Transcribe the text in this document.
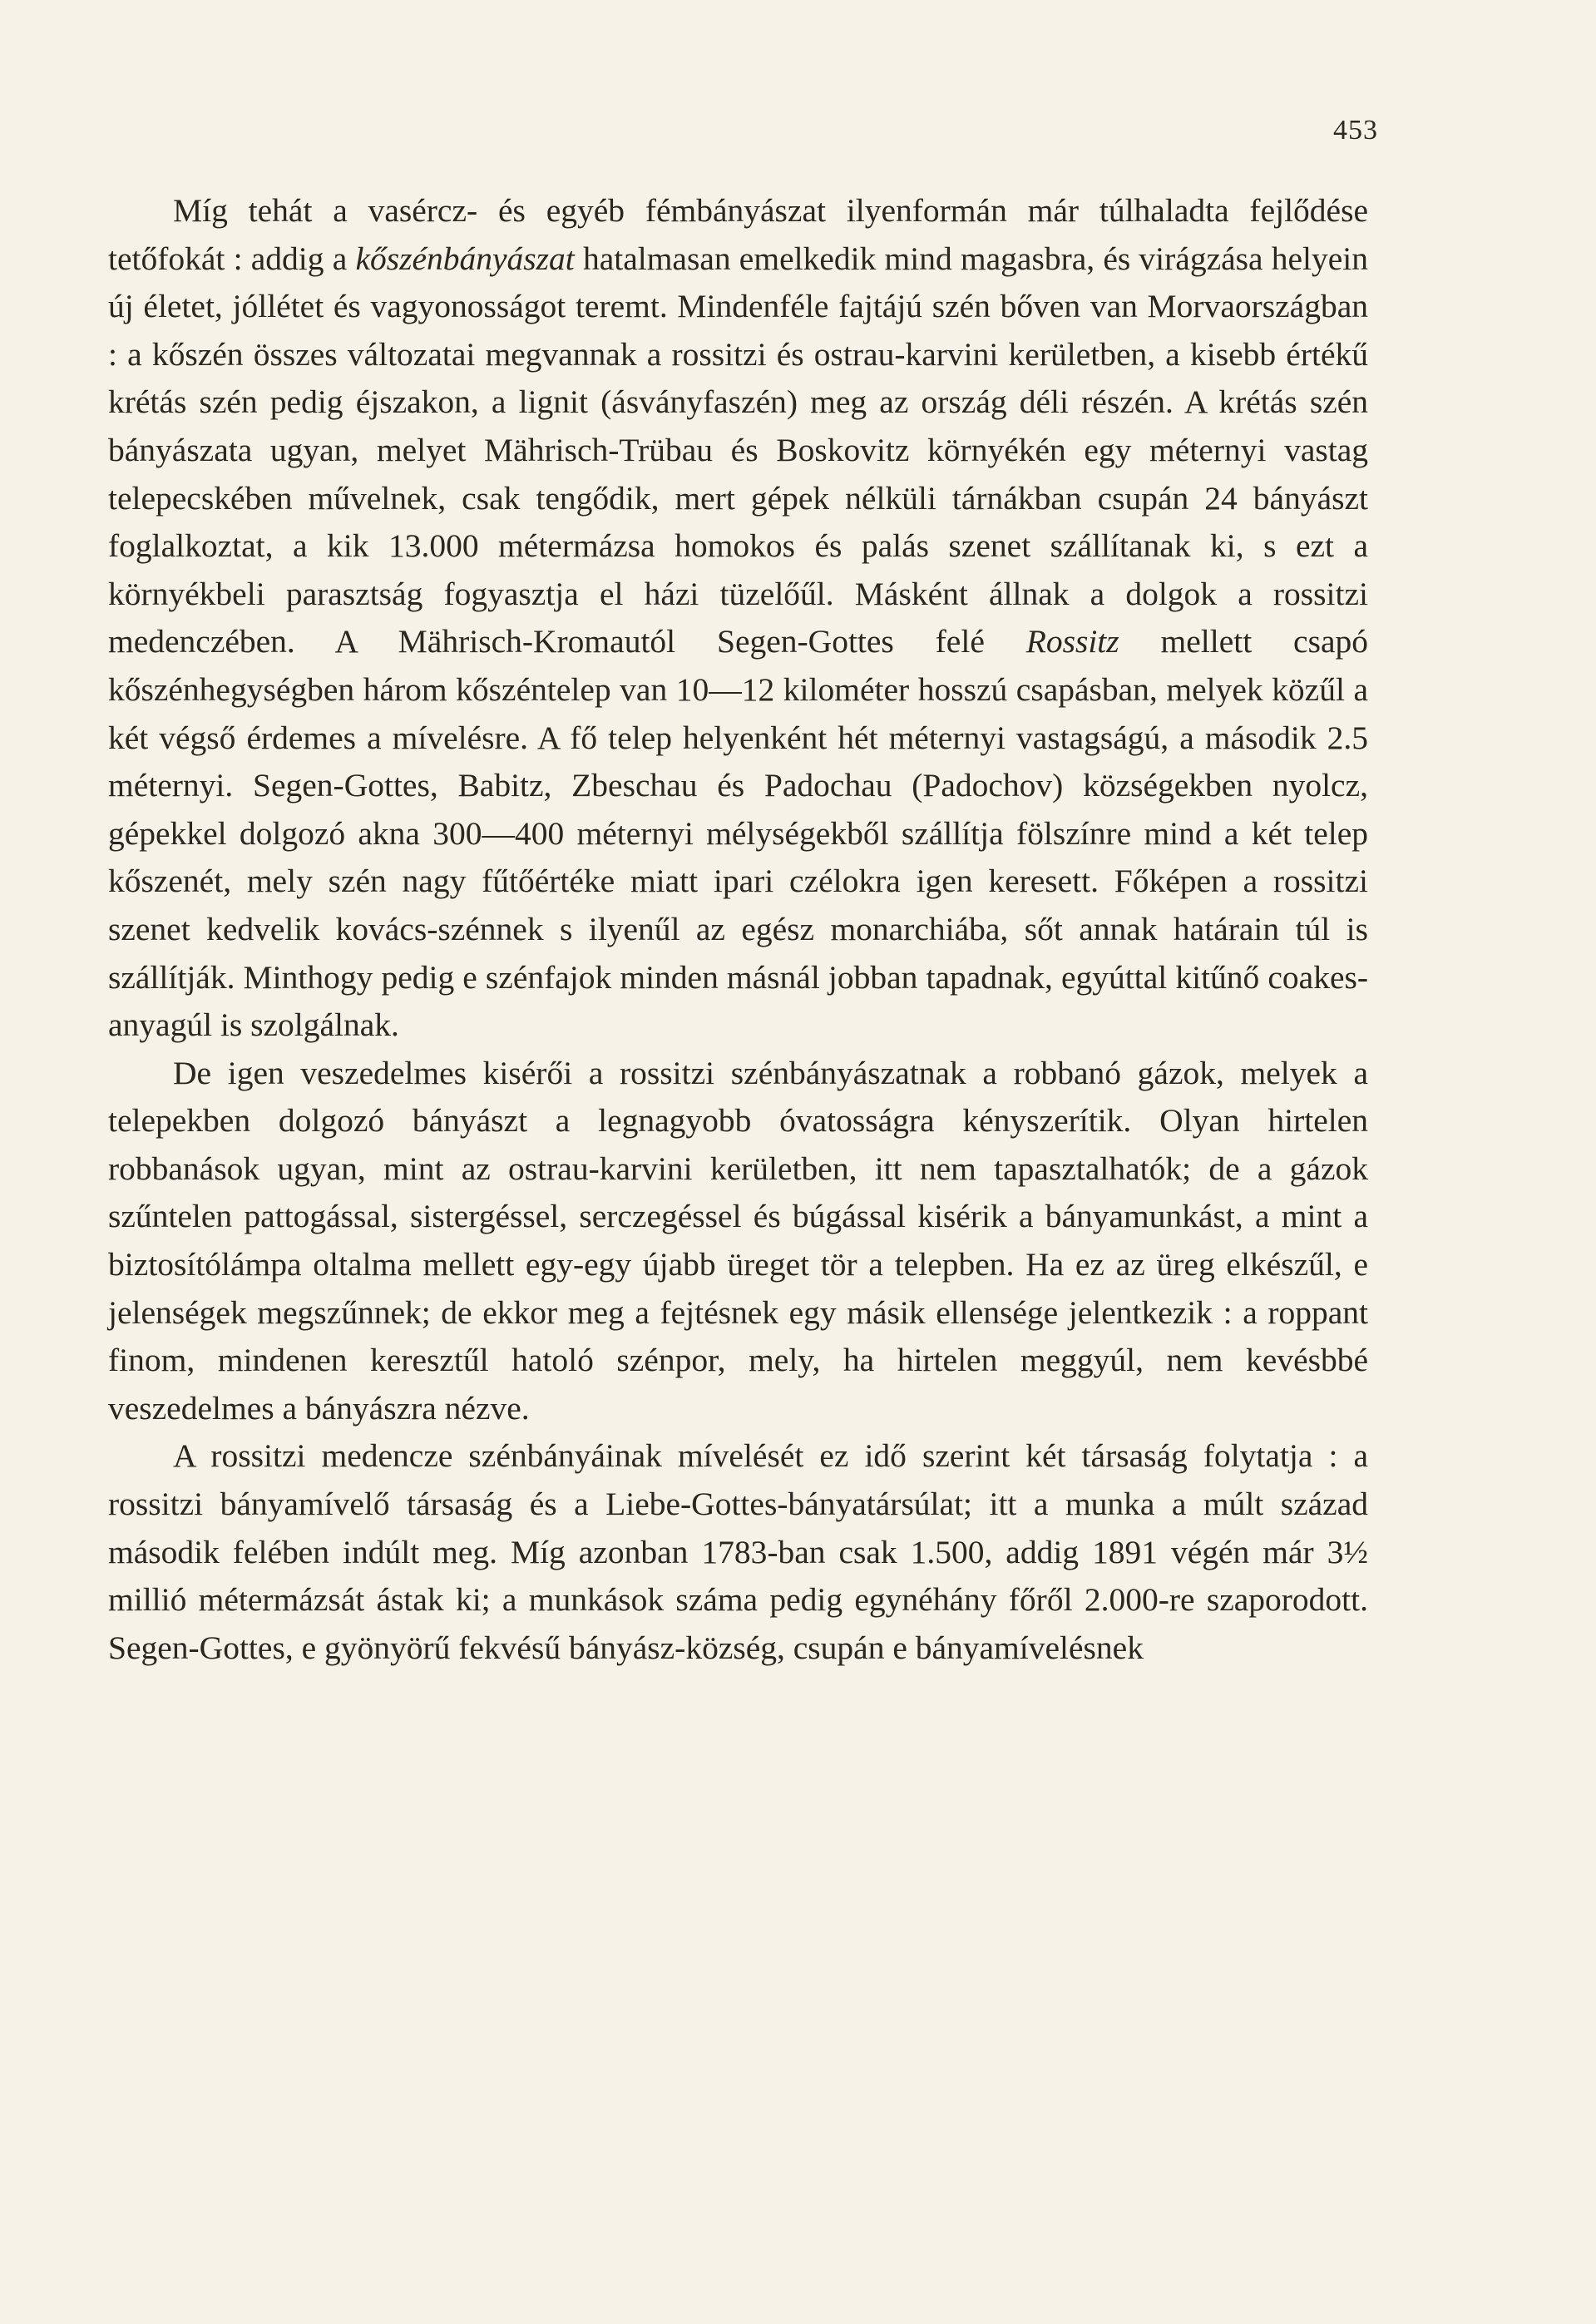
453

Míg tehát a vasércz- és egyéb fémbányászat ilyenformán már túlhaladta fejlődése tetőfokát : addig a kőszénbányászat hatalmasan emelkedik mind magasbra, és virágzása helyein új életet, jóllétet és vagyonosságot teremt. Mindenféle fajtájú szén bőven van Morvaországban : a kőszén összes változatai megvannak a rossitzi és ostrau-karvini kerületben, a kisebb értékű krétás szén pedig éjszakon, a lignit (ásványfaszén) meg az ország déli részén. A krétás szén bányászata ugyan, melyet Mährisch-Trübau és Boskovitz környékén egy méternyi vastag telepecskében művelnek, csak tengődik, mert gépek nélküli tárnákban csupán 24 bányászt foglalkoztat, a kik 13.000 métermázsa homokos és palás szenet szállítanak ki, s ezt a környékbeli parasztság fogyasztja el házi tüzelőűl. Másként állnak a dolgok a rossitzi medenczében. A Mährisch-Kromautól Segen-Gottes felé Rossitz mellett csapó kőszénhegységben három kőszéntelep van 10—12 kilométer hosszú csapásban, melyek közűl a két végső érdemes a mívelésre. A fő telep helyenként hét méternyi vastagságú, a második 2.5 méternyi. Segen-Gottes, Babitz, Zbeschau és Padochau (Padochov) községekben nyolcz, gépekkel dolgozó akna 300—400 méternyi mélységekből szállítja fölszínre mind a két telep kőszenét, mely szén nagy fűtőértéke miatt ipari czélokra igen keresett. Főképen a rossitzi szenet kedvelik kovács-szénnek s ilyenűl az egész monarchiába, sőt annak határain túl is szállítják. Minthogy pedig e szénfajok minden másnál jobban tapadnak, egyúttal kitűnő coakes-anyagúl is szolgálnak.

De igen veszedelmes kisérői a rossitzi szénbányászatnak a robbanó gázok, melyek a telepekben dolgozó bányászt a legnagyobb óvatosságra kényszerítik. Olyan hirtelen robbanások ugyan, mint az ostrau-karvini kerületben, itt nem tapasztalhatók; de a gázok szűntelen pattogással, sistergéssel, serczegéssel és búgással kisérik a bányamunkást, a mint a biztosítólámpa oltalma mellett egy-egy újabb üreget tör a telepben. Ha ez az üreg elkészűl, e jelenségek megszűnnek; de ekkor meg a fejtésnek egy másik ellensége jelentkezik : a roppant finom, mindenen keresztűl hatoló szénpor, mely, ha hirtelen meggyúl, nem kevésbbé veszedelmes a bányászra nézve.

A rossitzi medencze szénbányáinak mívelését ez idő szerint két társaság folytatja : a rossitzi bányamívelő társaság és a Liebe-Gottes-bányatársúlat; itt a munka a múlt század második felében indúlt meg. Míg azonban 1783-ban csak 1.500, addig 1891 végén már 3½ millió métermázsát ástak ki; a munkások száma pedig egynéhány főről 2.000-re szaporodott. Segen-Gottes, e gyönyörű fekvésű bányász-község, csupán e bányamívelésnek
